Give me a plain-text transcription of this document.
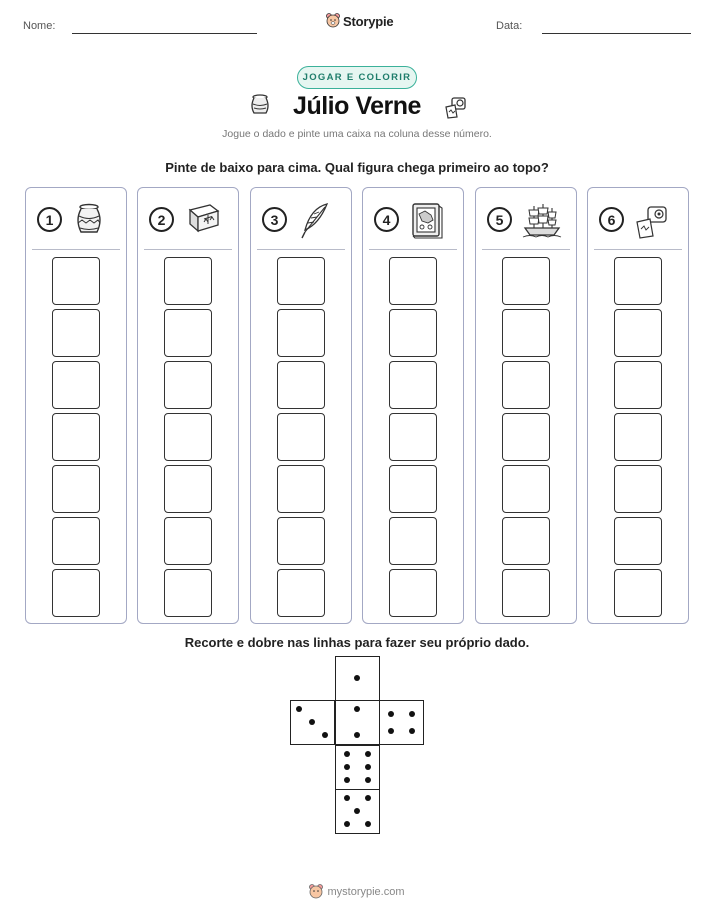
Nome:	Storypie	Data:
JOGAR E COLORIR
Júlio Verne
Jogue o dado e pinte uma caixa na coluna desse número.
Pinte de baixo para cima. Qual figura chega primeiro ao topo?
1	2	3	4	5	6
Recorte e dobre nas linhas para fazer seu próprio dado.
mystorypie.com
